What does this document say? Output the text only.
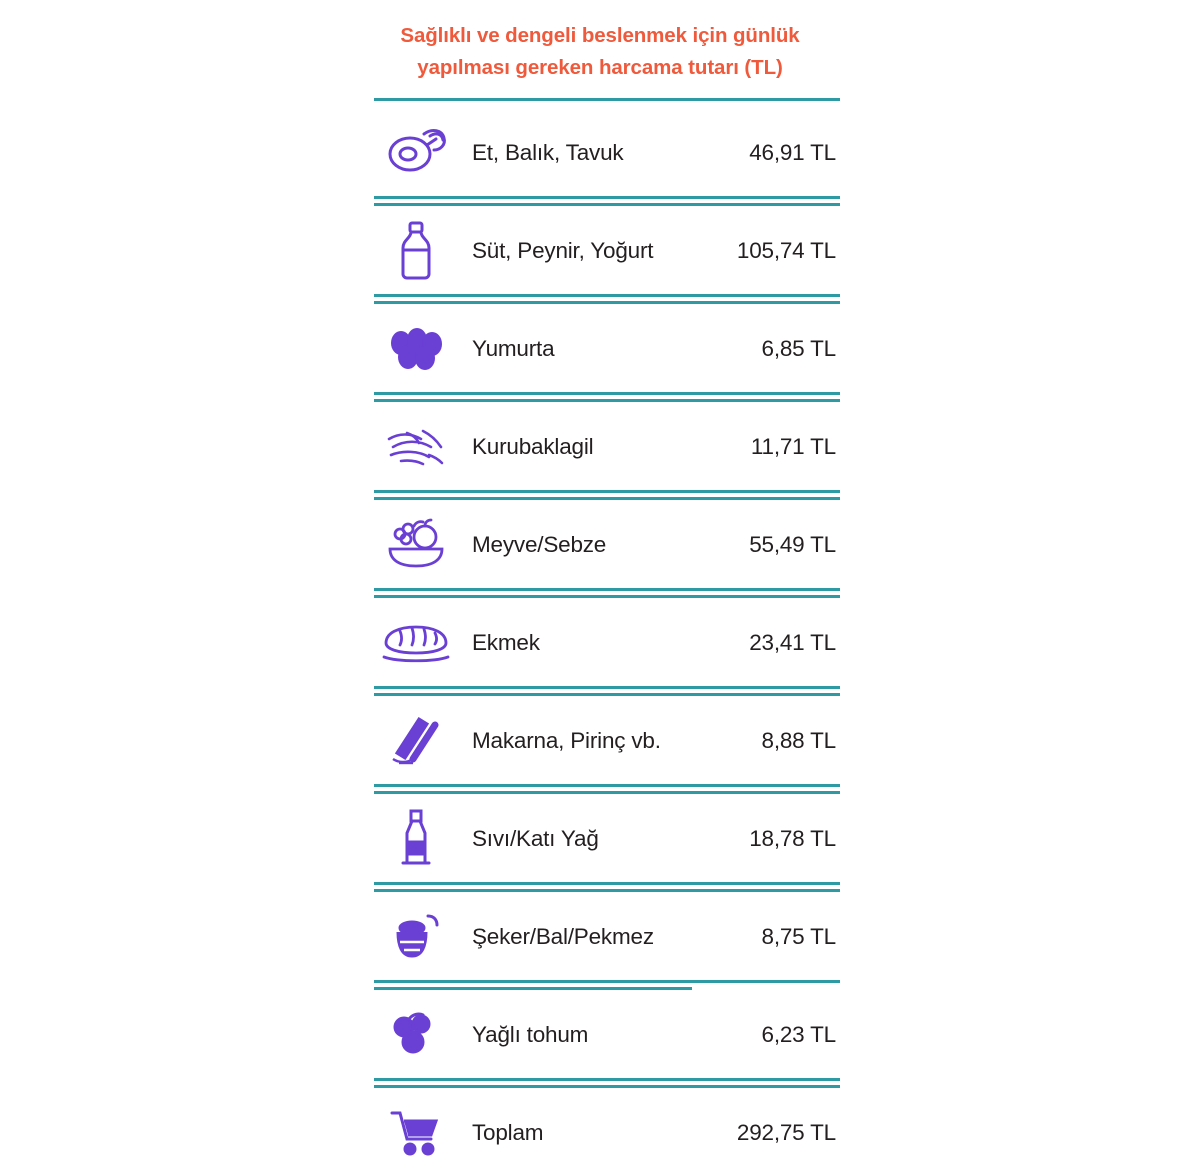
Sağlıklı ve dengeli beslenmek için günlük
yapılması gereken harcama tutarı (TL)
Et, Balık, Tavuk	46,91 TL
Süt, Peynir, Yoğurt	105,74 TL
Yumurta	6,85 TL
Kurubaklagil	11,71 TL
Meyve/Sebze	55,49 TL
Ekmek	23,41 TL
Makarna, Pirinç vb.	8,88 TL
Sıvı/Katı Yağ	18,78 TL
Şeker/Bal/Pekmez	8,75 TL
Yağlı tohum	6,23 TL
Toplam	292,75 TL
